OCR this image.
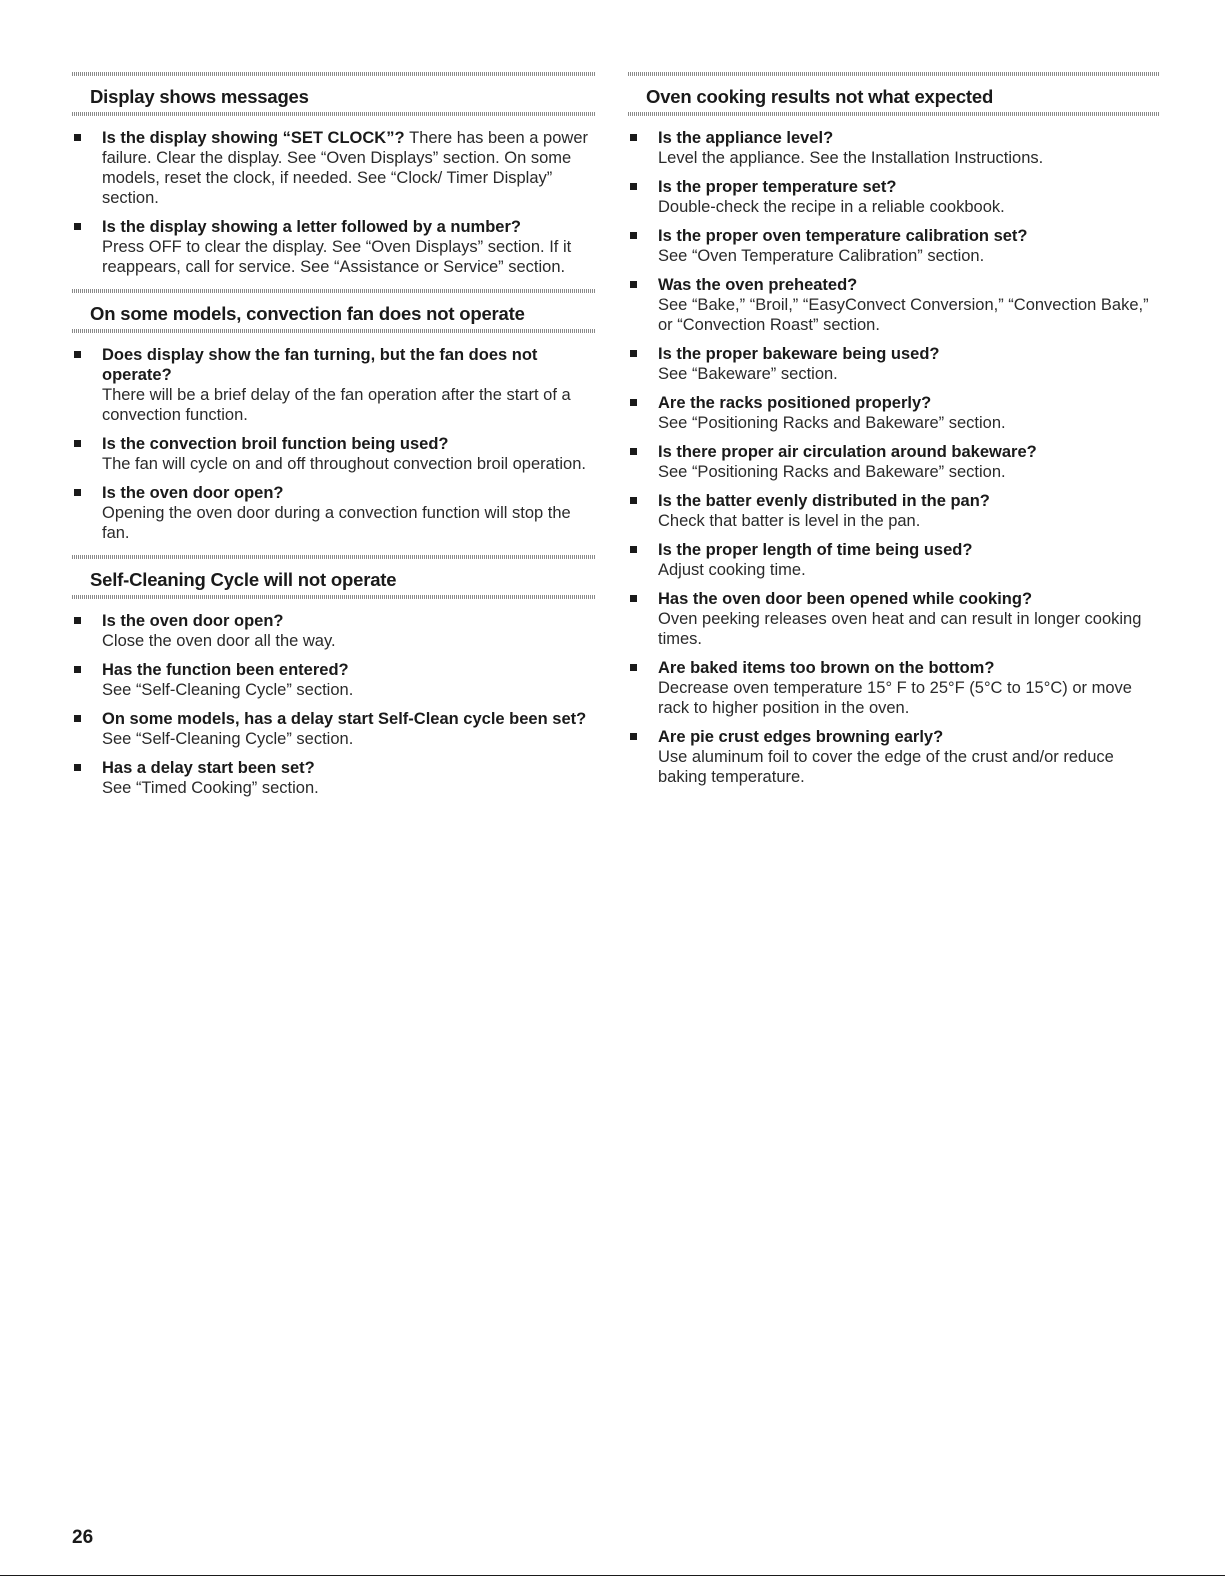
Display shows messages
Is the display showing “SET CLOCK”? There has been a power failure. Clear the display. See “Oven Displays” section. On some models, reset the clock, if needed. See “Clock/ Timer Display” section.
Is the display showing a letter followed by a number?
Press OFF to clear the display. See “Oven Displays” section. If it reappears, call for service. See “Assistance or Service” section.
On some models, convection fan does not operate
Does display show the fan turning, but the fan does not operate?
There will be a brief delay of the fan operation after the start of a convection function.
Is the convection broil function being used?
The fan will cycle on and off throughout convection broil operation.
Is the oven door open?
Opening the oven door during a convection function will stop the fan.
Self-Cleaning Cycle will not operate
Is the oven door open?
Close the oven door all the way.
Has the function been entered?
See “Self-Cleaning Cycle” section.
On some models, has a delay start Self-Clean cycle been set?
See “Self-Cleaning Cycle” section.
Has a delay start been set?
See “Timed Cooking” section.
Oven cooking results not what expected
Is the appliance level?
Level the appliance. See the Installation Instructions.
Is the proper temperature set?
Double-check the recipe in a reliable cookbook.
Is the proper oven temperature calibration set?
See “Oven Temperature Calibration” section.
Was the oven preheated?
See “Bake,” “Broil,” “EasyConvect Conversion,” “Convection Bake,” or “Convection Roast” section.
Is the proper bakeware being used?
See “Bakeware” section.
Are the racks positioned properly?
See “Positioning Racks and Bakeware” section.
Is there proper air circulation around bakeware?
See “Positioning Racks and Bakeware” section.
Is the batter evenly distributed in the pan?
Check that batter is level in the pan.
Is the proper length of time being used?
Adjust cooking time.
Has the oven door been opened while cooking?
Oven peeking releases oven heat and can result in longer cooking times.
Are baked items too brown on the bottom?
Decrease oven temperature 15° F to 25°F (5°C to 15°C) or move rack to higher position in the oven.
Are pie crust edges browning early?
Use aluminum foil to cover the edge of the crust and/or reduce baking temperature.
26
